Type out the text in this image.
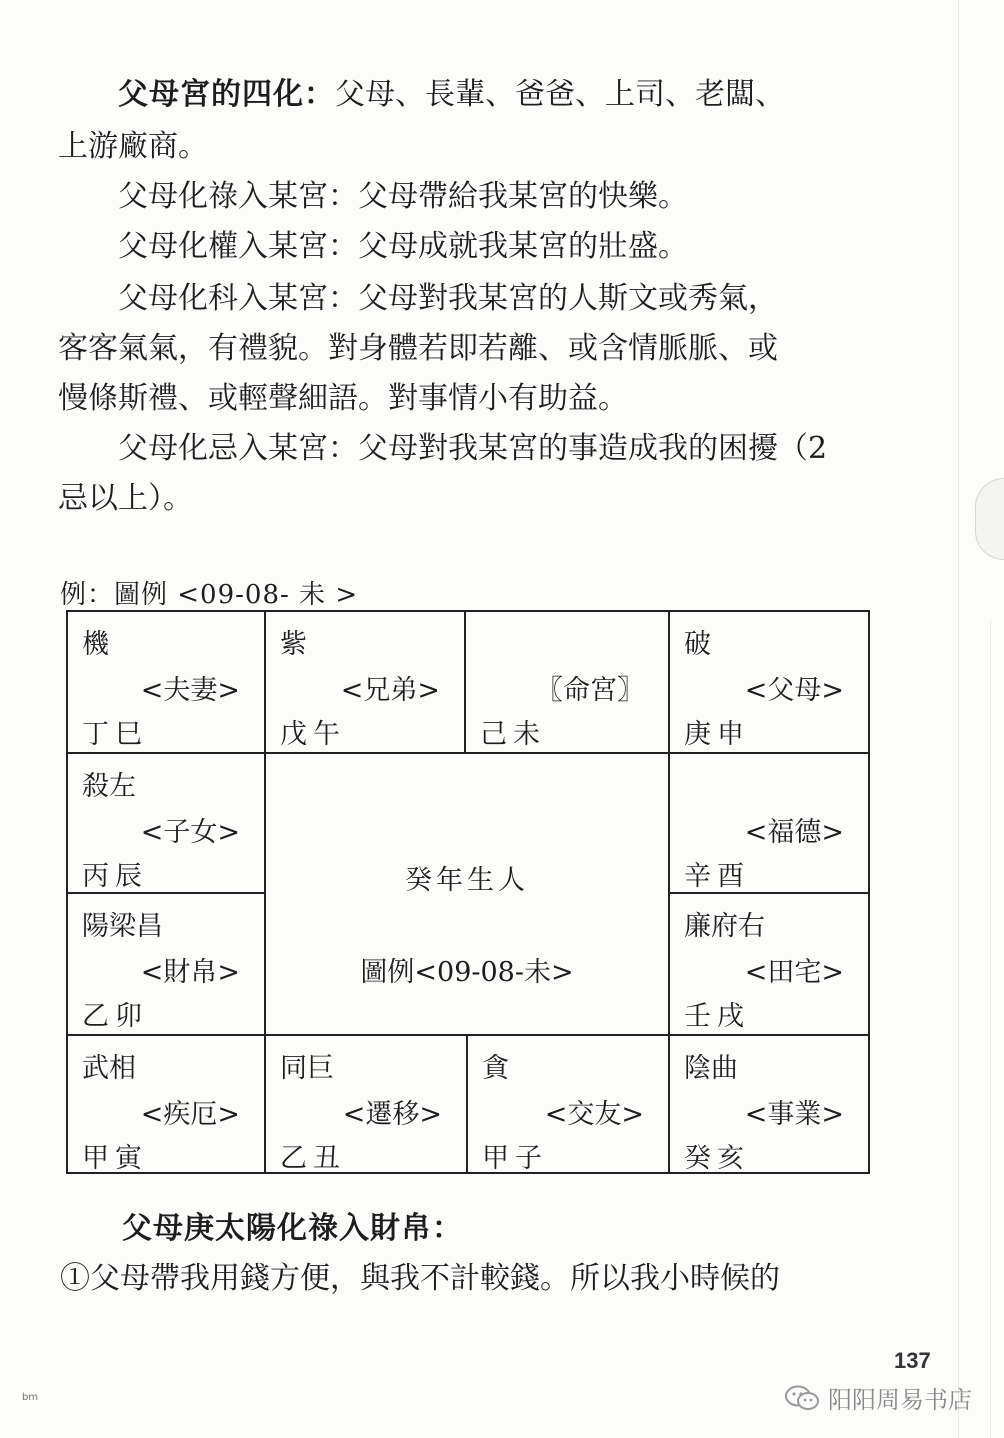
父母宮的四化：父母、長輩、爸爸、上司、老闆、
上游廠商。
父母化祿入某宮：父母帶給我某宮的快樂。
父母化權入某宮：父母成就我某宮的壯盛。
父母化科入某宮：父母對我某宮的人斯文或秀氣，
客客氣氣，有禮貌。對身體若即若離、或含情脈脈、或
慢條斯禮、或輕聲細語。對事情小有助益。
父母化忌入某宮：父母對我某宮的事造成我的困擾（2
忌以上）。
例：圖例 <09-08- 未 >
機
<夫妻>
丁巳
紫
<兄弟>
戊午
〖命宮〗
己未
破
<父母>
庚申
殺左
<子女>
丙辰
<福德>
辛酉
癸年生人
圖例<09-08-未>
陽梁昌
<財帛>
乙卯
廉府右
<田宅>
壬戌
武相
<疾厄>
甲寅
同巨
<遷移>
乙丑
貪
<交友>
甲子
陰曲
<事業>
癸亥
父母庚太陽化祿入財帛：
①父母帶我用錢方便，與我不計較錢。所以我小時候的
137
bm	阳阳周易书店
